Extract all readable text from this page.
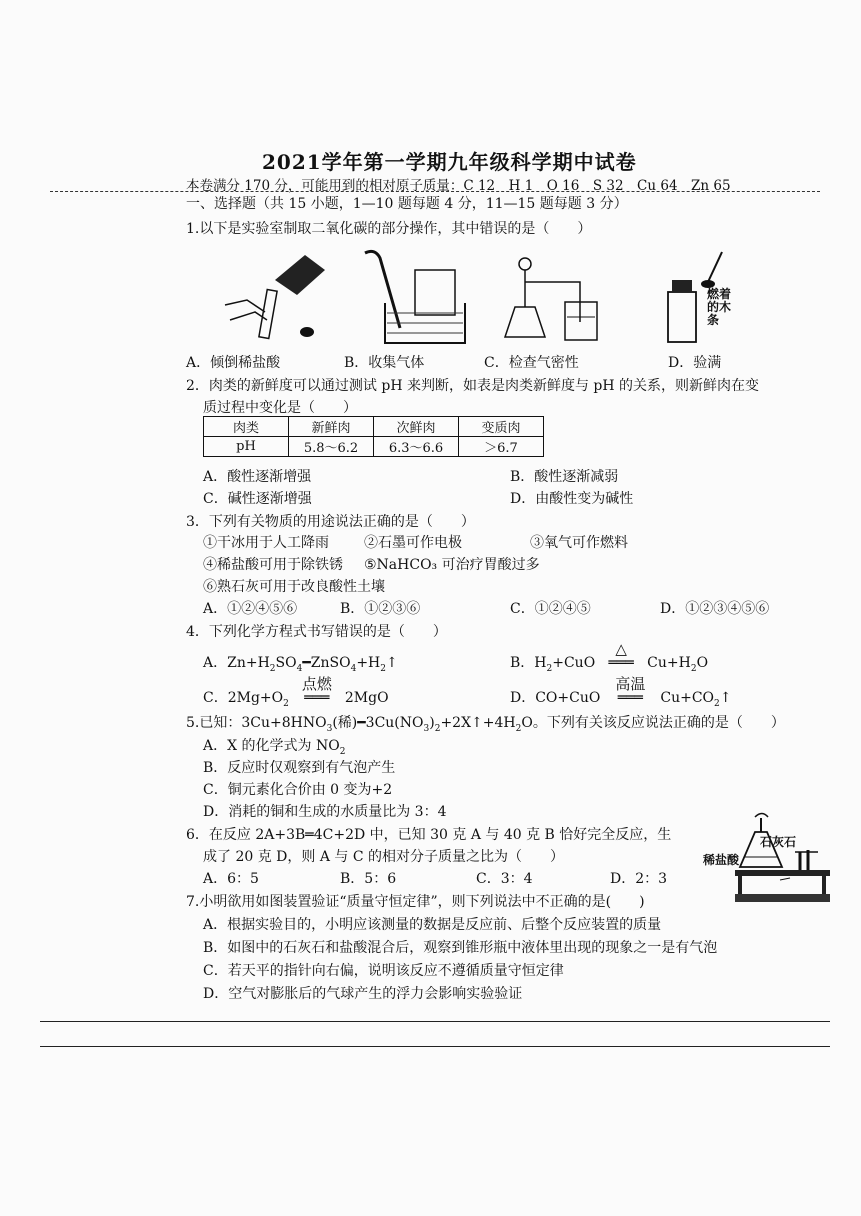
2021学年第一学期九年级科学期中试卷
本卷满分 170 分，可能用到的相对原子质量：C 12　H 1　O 16　S 32　Cu 64　Zn 65
一、选择题（共 15 小题，1—10 题每题 4 分，11—15 题每题 3 分）
1.以下是实验室制取二氧化碳的部分操作，其中错误的是（　　）
燃着的木条
A．倾倒稀盐酸	B．收集气体	C．检查气密性	D．验满
2．肉类的新鲜度可以通过测试 pH 来判断，如表是肉类新鲜度与 pH 的关系，则新鲜肉在变
质过程中变化是（　　）
肉类	新鲜肉	次鲜肉	变质肉
pH	5.8～6.2	6.3～6.6	＞6.7
A．酸性逐渐增强	B．酸性逐渐减弱
C．碱性逐渐增强	D．由酸性变为碱性
3．下列有关物质的用途说法正确的是（　　）
①干冰用于人工降雨	②石墨可作电极	③氧气可作燃料
④稀盐酸可用于除铁锈 ⑤NaHCO₃ 可治疗胃酸过多
⑥熟石灰可用于改良酸性土壤
A．①②④⑤⑥	B．①②③⑥	C．①②④⑤	D．①②③④⑤⑥
4．下列化学方程式书写错误的是（　　）
A．$Zn+H_2SO_4━ZnSO_4+H_2↑$	B．$H_2+CuO$
△
═══ $Cu+H_2O$
C．$2Mg+O_2$
点燃
═══ 2MgO	D．CO+CuO
高温
═══ $Cu+CO_2↑$
5.已知：$3Cu+8HNO_3$(稀)$━3Cu(NO_3)_2+2X↑+4H_2O$。下列有关该反应说法正确的是（　　）
A．X 的化学式为 $NO_2$
B．反应时仅观察到有气泡产生
C．铜元素化合价由 0 变为+2
D．消耗的铜和生成的水质量比为 3：4
6．在反应 2A+3B═4C+2D 中，已知 30 克 A 与 40 克 B 恰好完全反应，生
成了 20 克 D，则 A 与 C 的相对分子质量之比为（　　）
A．6：5	B．5：6	C．3：4	D．2：3
石灰石
稀盐酸
7.小明欲用如图装置验证“质量守恒定律”，则下列说法中不正确的是(　　)
A．根据实验目的，小明应该测量的数据是反应前、后整个反应装置的质量
B．如图中的石灰石和盐酸混合后，观察到锥形瓶中液体里出现的现象之一是有气泡
C．若天平的指针向右偏，说明该反应不遵循质量守恒定律
D．空气对膨胀后的气球产生的浮力会影响实验验证
